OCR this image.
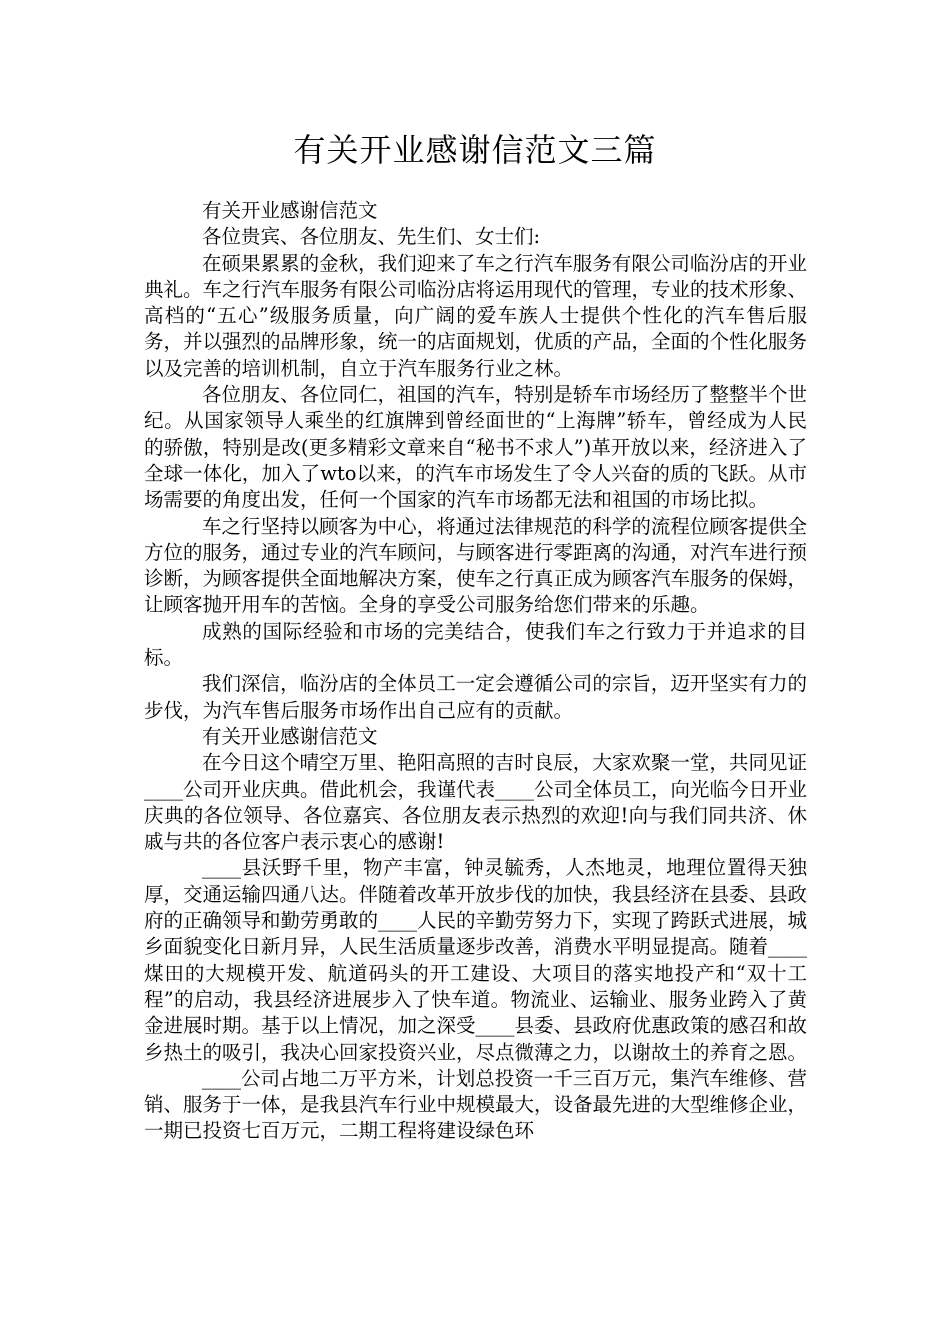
有关开业感谢信范文三篇

有关开业感谢信范文

各位贵宾、各位朋友、先生们、女士们:

在硕果累累的金秋，我们迎来了车之行汽车服务有限公司临汾店的开业典礼。车之行汽车服务有限公司临汾店将运用现代的管理，专业的技术形象、高档的“五心”级服务质量，向广阔的爱车族人士提供个性化的汽车售后服务，并以强烈的品牌形象，统一的店面规划，优质的产品，全面的个性化服务以及完善的培训机制，自立于汽车服务行业之林。

各位朋友、各位同仁，祖国的汽车，特别是轿车市场经历了整整半个世纪。从国家领导人乘坐的红旗牌到曾经面世的“上海牌”轿车，曾经成为人民的骄傲，特别是改(更多精彩文章来自“秘书不求人”)革开放以来，经济进入了全球一体化，加入了wto以来，的汽车市场发生了令人兴奋的质的飞跃。从市场需要的角度出发，任何一个国家的汽车市场都无法和祖国的市场比拟。

车之行坚持以顾客为中心，将通过法律规范的科学的流程位顾客提供全方位的服务，通过专业的汽车顾问，与顾客进行零距离的沟通，对汽车进行预诊断，为顾客提供全面地解决方案，使车之行真正成为顾客汽车服务的保姆，让顾客抛开用车的苦恼。全身的享受公司服务给您们带来的乐趣。

成熟的国际经验和市场的完美结合，使我们车之行致力于并追求的目标。

我们深信，临汾店的全体员工一定会遵循公司的宗旨，迈开坚实有力的步伐，为汽车售后服务市场作出自己应有的贡献。

有关开业感谢信范文

在今日这个晴空万里、艳阳高照的吉时良辰，大家欢聚一堂，共同见证____公司开业庆典。借此机会，我谨代表____公司全体员工，向光临今日开业庆典的各位领导、各位嘉宾、各位朋友表示热烈的欢迎!向与我们同共济、休戚与共的各位客户表示衷心的感谢!

____县沃野千里，物产丰富，钟灵毓秀，人杰地灵，地理位置得天独厚，交通运输四通八达。伴随着改革开放步伐的加快，我县经济在县委、县政府的正确领导和勤劳勇敢的____人民的辛勤劳努力下，实现了跨跃式进展，城乡面貌变化日新月异，人民生活质量逐步改善，消费水平明显提高。随着____煤田的大规模开发、航道码头的开工建设、大项目的落实地投产和“双十工程”的启动，我县经济进展步入了快车道。物流业、运输业、服务业跨入了黄金进展时期。基于以上情况，加之深受____县委、县政府优惠政策的感召和故乡热土的吸引，我决心回家投资兴业，尽点微薄之力，以谢故土的养育之恩。

____公司占地二万平方米，计划总投资一千三百万元，集汽车维修、营销、服务于一体，是我县汽车行业中规模最大，设备最先进的大型维修企业，一期已投资七百万元，二期工程将建设绿色环
